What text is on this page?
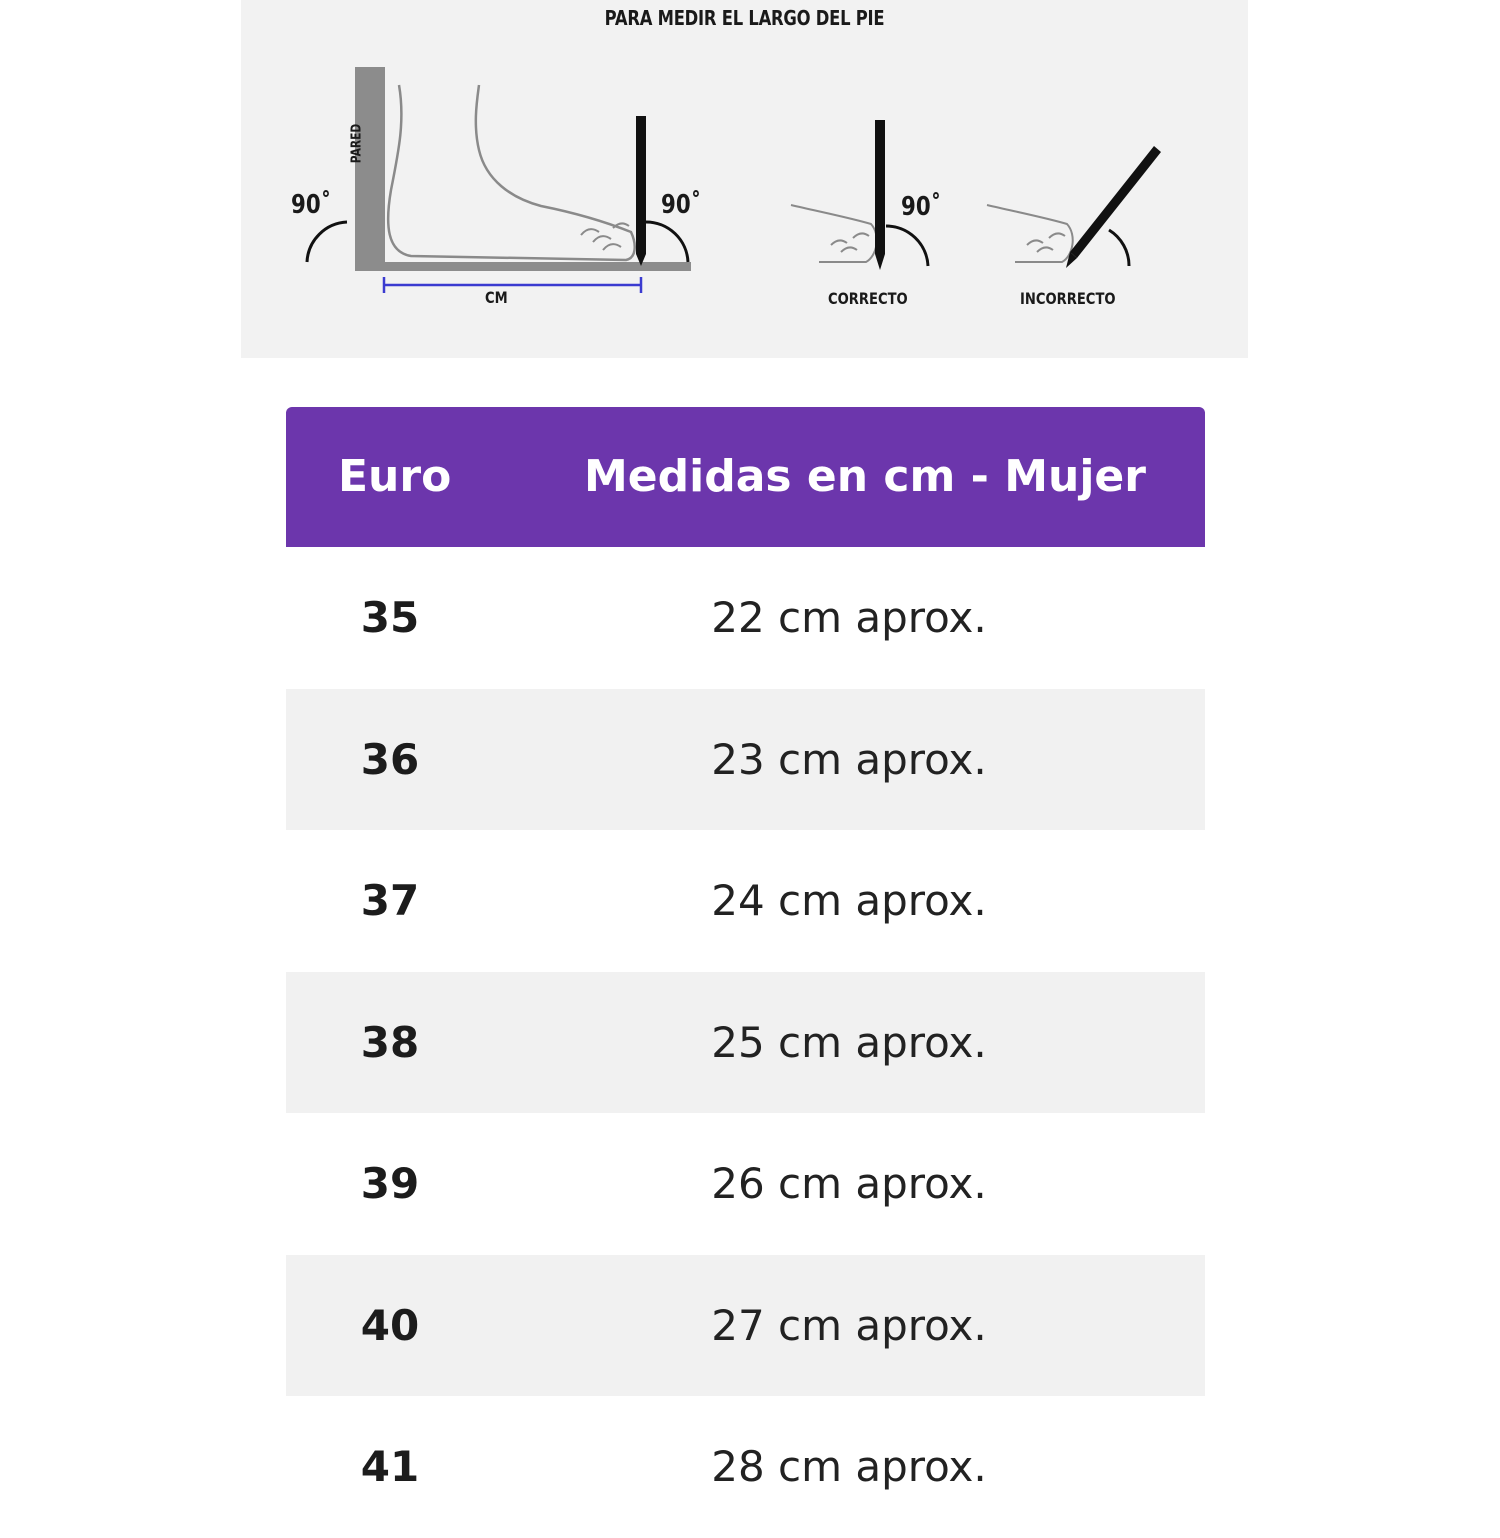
PARA MEDIR EL LARGO DEL PIE
PARED
90˚	90˚
CM
90˚
CORRECTO	INCORRECTO
Euro	Medidas en cm - Mujer
35	22 cm aprox.
36	23 cm aprox.
37	24 cm aprox.
38	25 cm aprox.
39	26 cm aprox.
40	27 cm aprox.
41	28 cm aprox.
